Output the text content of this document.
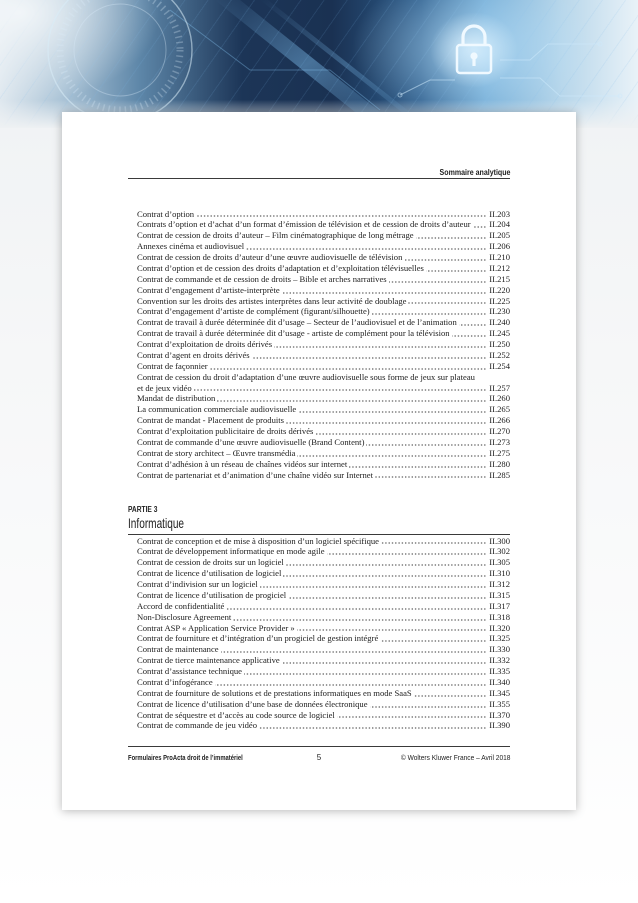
Sommaire analytique
Contrat d’option	II.203
Contrats d’option et d’achat d’un format d’émission de télévision et de cession de droits d’auteur II.204
Contrat de cession de droits d’auteur – Film cinématographique de long métrage	II.205
Annexes cinéma et audiovisuel	II.206
Contrat de cession de droits d’auteur d’une œuvre audiovisuelle de télévision	II.210
Contrat d’option et de cession des droits d’adaptation et d’exploitation télévisuelles	II.212
Contrat de commande et de cession de droits – Bible et arches narratives	II.215
Contrat d’engagement d’artiste-interprète	II.220
Convention sur les droits des artistes interprètes dans leur activité de doublage	II.225
Contrat d’engagement d’artiste de complément (figurant/silhouette)	II.230
Contrat de travail à durée déterminée dit d’usage – Secteur de l’audiovisuel et de l’animation	II.240
Contrat de travail à durée déterminée dit d’usage - artiste de complément pour la télévision	II.245
Contrat d’exploitation de droits dérivés	II.250
Contrat d’agent en droits dérivés	II.252
Contrat de façonnier	II.254
Contrat de cession du droit d’adaptation d’une œuvre audiovisuelle sous forme de jeux sur plateau
et de jeux vidéo	II.257
Mandat de distribution	II.260
La communication commerciale audiovisuelle	II.265
Contrat de mandat - Placement de produits	II.266
Contrat d’exploitation publicitaire de droits dérivés	II.270
Contrat de commande d’une œuvre audiovisuelle (Brand Content)	II.273
Contrat de story architect – Œuvre transmédia	II.275
Contrat d’adhésion à un réseau de chaînes vidéos sur internet	II.280
Contrat de partenariat et d’animation d’une chaîne vidéo sur Internet	II.285
PARTIE 3
Informatique
Contrat de conception et de mise à disposition d’un logiciel spécifique	II.300
Contrat de développement informatique en mode agile	II.302
Contrat de cession de droits sur un logiciel	II.305
Contrat de licence d’utilisation de logiciel	II.310
Contrat d’indivision sur un logiciel	II.312
Contrat de licence d’utilisation de progiciel	II.315
Accord de confidentialité	II.317
Non-Disclosure Agreement	II.318
Contrat ASP « Application Service Provider »	II.320
Contrat de fourniture et d’intégration d’un progiciel de gestion intégré	II.325
Contrat de maintenance	II.330
Contrat de tierce maintenance applicative	II.332
Contrat d’assistance technique	II.335
Contrat d’infogérance	II.340
Contrat de fourniture de solutions et de prestations informatiques en mode SaaS	II.345
Contrat de licence d’utilisation d’une base de données électronique	II.355
Contrat de séquestre et d’accès au code source de logiciel	II.370
Contrat de commande de jeu vidéo	II.390
Formulaires ProActa droit de l’immatériel	5	© Wolters Kluwer France – Avril 2018
